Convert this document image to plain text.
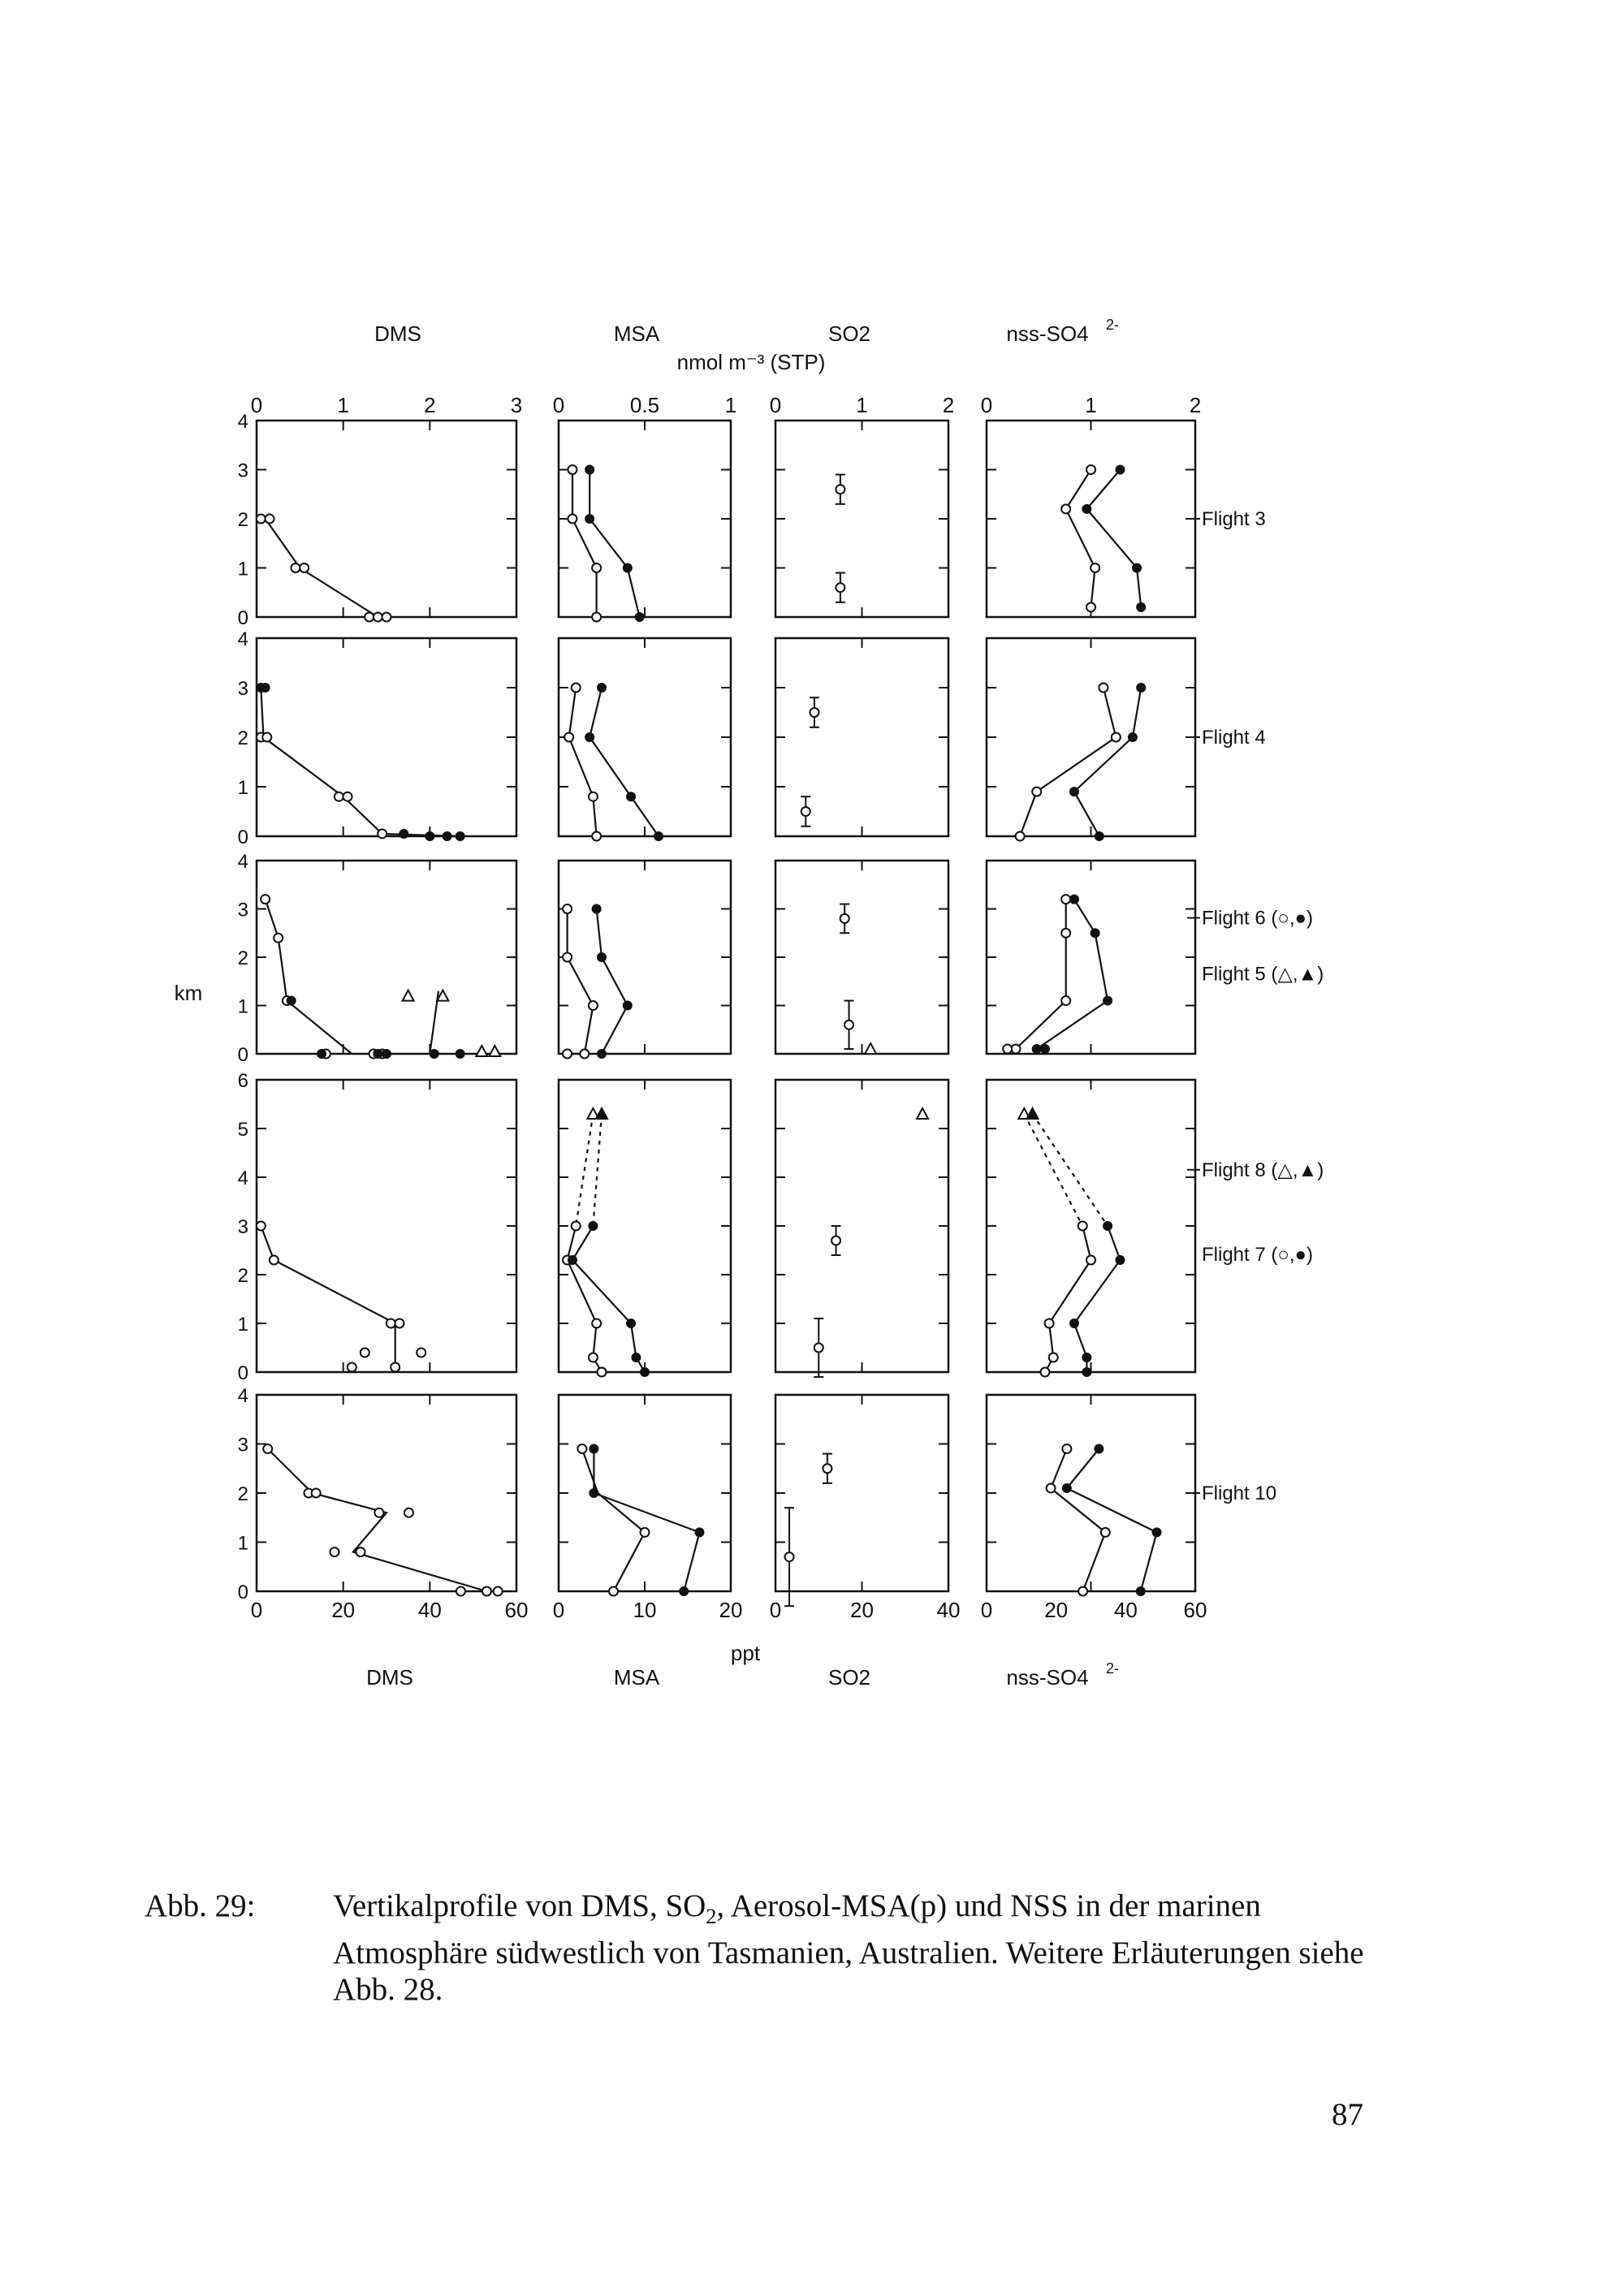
DMS
DMS
MSA
MSA
SO2
SO2
nss-SO4
nss-SO4
2-
2-
nmol m⁻³ (STP)
ppt
km
0	1	2	3
0	20	40	60
0	0.5	1
0	10	20
0	1	2
0	20	40
0	1	2
0 20 40 60
0
1
2
3
4
Flight 3
0
1
2
3
4
Flight 4
0
1
2
3
4
Flight 6 (○,●)
Flight 5 (△,▲)
0
1
2
3
4
5
6
Flight 8 (△,▲)
Flight 7 (○,●)
0
1
2
3
4
Flight 10
Abb. 29: Vertikalprofile von DMS, $SO_2$, Aerosol-MSA(p) und NSS in der marinen Atmosphäre südwestlich von Tasmanien, Australien. Weitere Erläuterungen siehe Abb. 28.
87
